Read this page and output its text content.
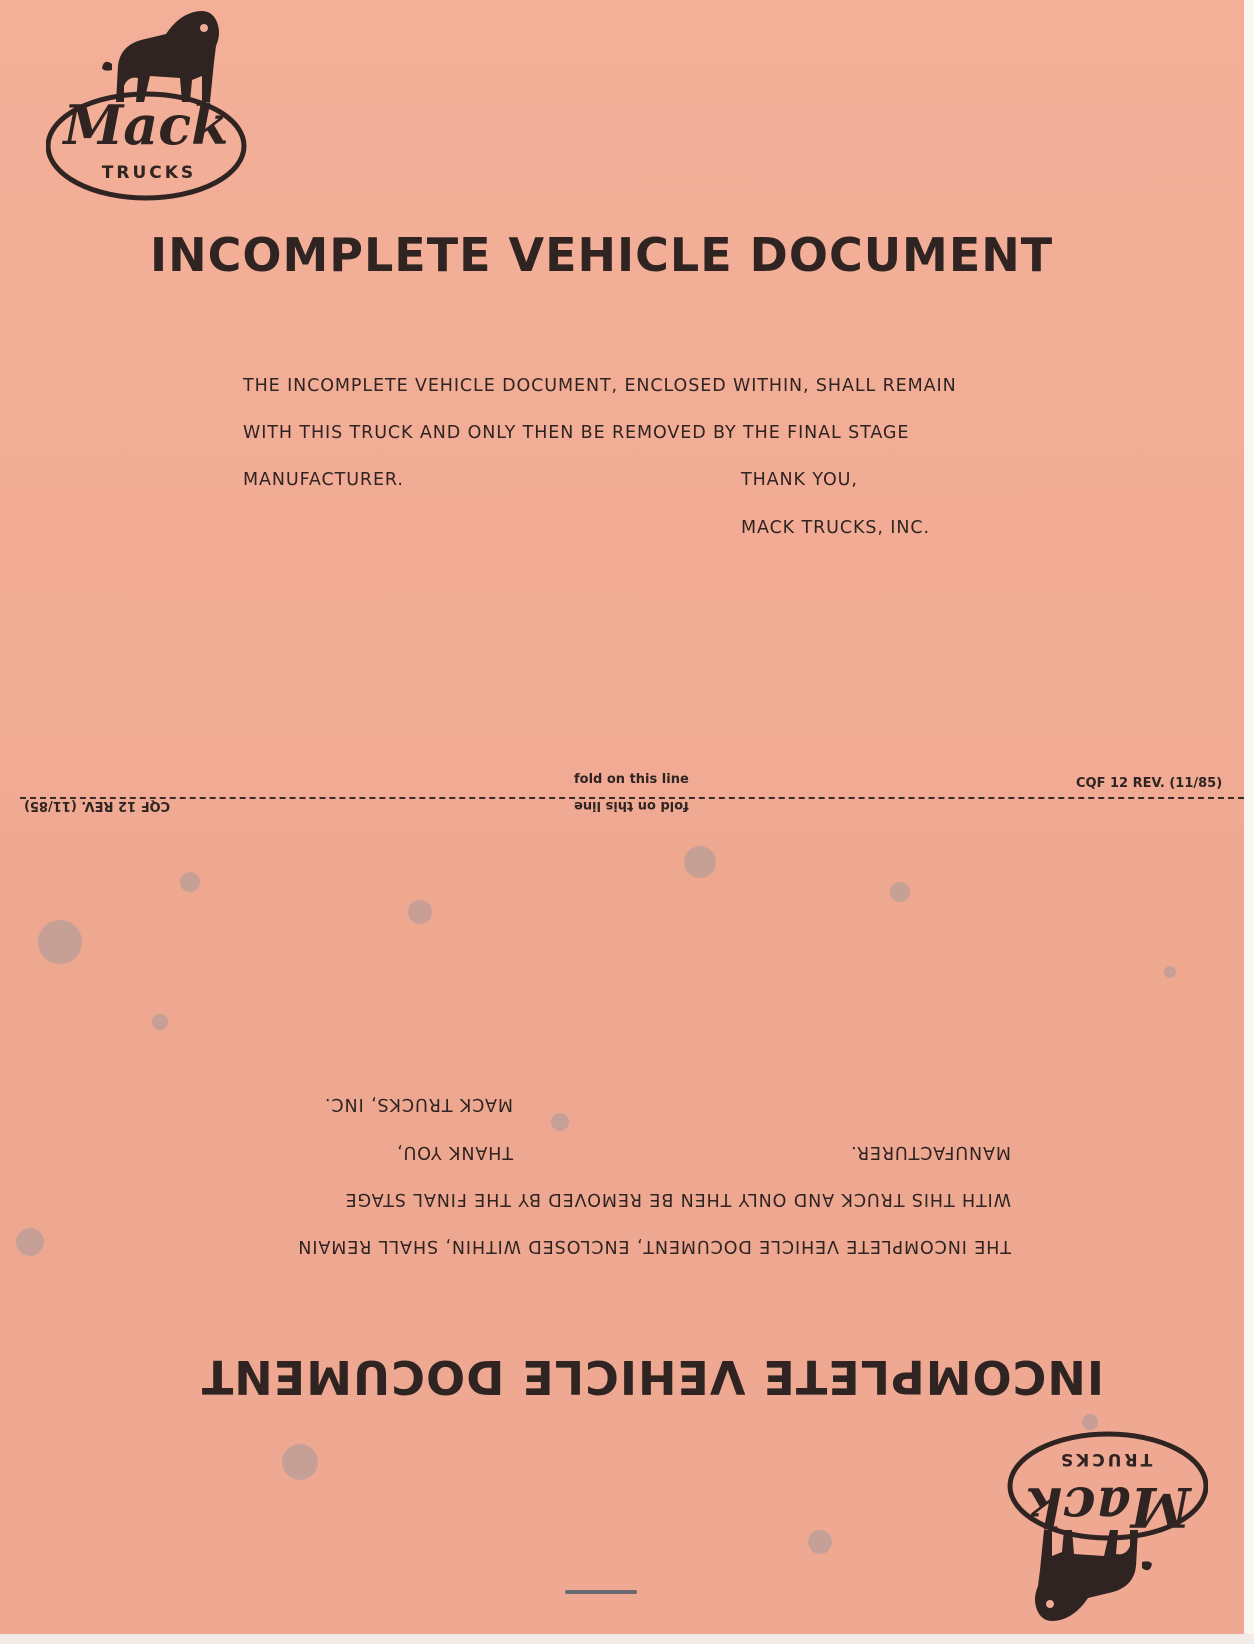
Mack
TRUCKS
INCOMPLETE VEHICLE DOCUMENT

THE INCOMPLETE VEHICLE DOCUMENT, ENCLOSED WITHIN, SHALL REMAIN

WITH THIS TRUCK AND ONLY THEN BE REMOVED BY THE FINAL STAGE

MANUFACTURER.	THANK YOU,

MACK TRUCKS, INC.

fold on this line	CQF 12 REV. (11/85)
fold on this line
CQF 12 REV. (11/85)
Mack
TRUCKS
INCOMPLETE VEHICLE DOCUMENT

THE INCOMPLETE VEHICLE DOCUMENT, ENCLOSED WITHIN, SHALL REMAIN

WITH THIS TRUCK AND ONLY THEN BE REMOVED BY THE FINAL STAGE

MANUFACTURER.

THANK YOU,

MACK TRUCKS, INC.
